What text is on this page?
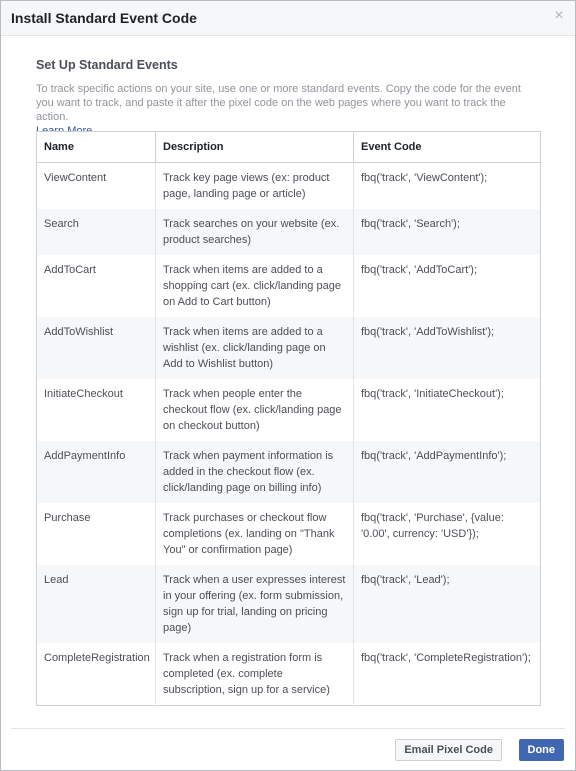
Install Standard Event Code	×
Set Up Standard Events

To track specific actions on your site, use one or more standard events. Copy the code for the event you want to track, and paste it after the pixel code on the web pages where you want to track the action.

Name	Description	Event Code
ViewContent	Track key page views (ex: product page, landing page or article)	fbq('track', 'ViewContent');
Search	Track searches on your website (ex. product searches)	fbq('track', 'Search');
AddToCart	Track when items are added to a shopping cart (ex. click/landing page on Add to Cart button)	fbq('track', 'AddToCart');
AddToWishlist	Track when items are added to a wishlist (ex. click/landing page on Add to Wishlist button)	fbq('track', 'AddToWishlist');
InitiateCheckout	Track when people enter the checkout flow (ex. click/landing page on checkout button)	fbq('track', 'InitiateCheckout');
AddPaymentInfo	Track when payment information is added in the checkout flow (ex. click/landing page on billing info)	fbq('track', 'AddPaymentInfo');
Purchase	Track purchases or checkout flow completions (ex. landing on "Thank You" or confirmation page)	fbq('track', 'Purchase', {value: '0.00', currency: 'USD'});
Lead	Track when a user expresses interest in your offering (ex. form submission, sign up for trial, landing on pricing page)	fbq('track', 'Lead');
CompleteRegistration	Track when a registration form is completed (ex. complete subscription, sign up for a service)	fbq('track', 'CompleteRegistration');
Email Pixel Code	Done
